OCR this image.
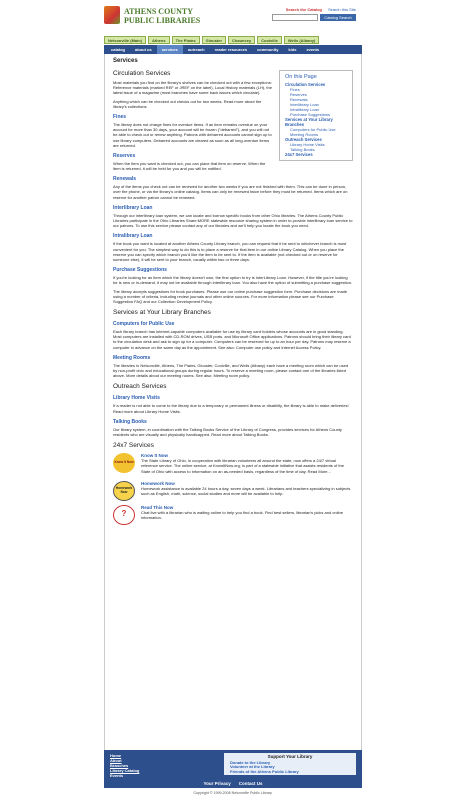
ATHENS COUNTY
PUBLIC LIBRARIES
Search the Catalog Search this Site
Catalog Search
Nelsonville (Main)	Athens	The Plains	Glouster	Chauncey	Coolville	Wells (Albany)
catalog	about us	services	outreach	reader resources	community	kids	events
Services
On this Page
Circulation Services
Fines
Reserves
Renewals
Interlibrary Loan
Intralibrary Loan
Purchase Suggestions
Services at Your Library Branches
Computers for Public Use
Meeting Rooms
Outreach Services
Library Home Visits
Talking Books
24x7 Services
Circulation Services

Most materials you find on the library's shelves can be checked out with a few exceptions: Reference materials (marked REF or JREF on the label), Local History materials (LH), the latest issue of a magazine (most branches have some back issues which circulate).

Anything which can be checked out checks out for two weeks. Read more about the library's collections.

Fines

The library does not charge fines for overdue items. If an item remains overdue on your account for more than 30 days, your account will be frozen ("debarred"), and you will not be able to check out or renew anything. Patrons with debarred accounts cannot sign up to use library computers. Debarred accounts are cleared as soon as all long-overdue items are returned.

Reserves

When the item you want is checked out, you can place that item on reserve. When the item is returned, it will be held for you and you will be notified.

Renewals

Any of the items you check out can be renewed for another two weeks if you are not finished with them. This can be done in person, over the phone, or via the library's online catalog. Items can only be renewed twice before they must be returned. Items which are on reserve for another patron cannot be renewed.

Interlibrary Loan

Through our interlibrary loan system, we can locate and borrow specific books from other Ohio libraries. The Athens County Public Libraries participate in the Ohio Libraries Share:MORE statewide resource sharing system in order to provide interlibrary loan service to our patrons. To use this service please contact any of our libraries and we'll help you locate the book you need.

Intralibrary Loan

If the book you want is located at another Athens County Library branch, you can request that it be sent to whichever branch is most convenient for you. The simplest way to do this is to place a reserve for that item in our online Library Catalog. When you place the reserve you can specify which branch you'd like the item to be sent to. If the item is available (not checked out or on reserve for someone else), it will be sent to your branch, usually within two or three days.

Purchase Suggestions

If you're looking for an item which the library doesn't own, the first option to try is InterLibrary Loan. However, if the title you're looking for is new or in-demand, it may not be available through interlibrary loan. You also have the option of submitting a purchase suggestion.

The library accepts suggestions for book purchases. Please use our online purchase suggestion form. Purchase decisions are made using a number of criteria, including review journals and other online sources. For more information please see our Purchase Suggestion FAQ and our Collection Development Policy.

Services at Your Library Branches
Computers for Public Use

Each library branch has internet-capable computers available for use by library card holders whose accounts are in good standing. Most computers are installed with CD-ROM drives, USB ports, and Microsoft Office applications. Patrons should bring their library card to the circulation desk and ask to sign up for a computer. Computers can be reserved for up to an hour per day. Patrons may reserve a computer in advance on the same day as the appointment. See also: Computer use policy and Internet Access Policy.

Meeting Rooms

The libraries in Nelsonville, Athens, The Plains, Glouster, Coolville, and Wells (Albany) each have a meeting room which can be used by non-profit civic and educational groups during regular hours. To reserve a meeting room, please contact one of the libraries listed above. More details about our meeting rooms. See also: Meeting room policy.

Outreach Services
Library Home Visits

If a reader is not able to come to the library due to a temporary or permanent illness or disability, the library is able to make deliveries! Read more about Library Home Visits.

Talking Books

Our library system, in coordination with the Talking Books Service of the Library of Congress, provides services for Athens County residents who are visually and physically handicapped. Read more about Talking Books.

24x7 Services
Know It Now
Know It Now

The State Library of Ohio, in cooperation with librarian volunteers all around the state, now offers a 24/7 virtual reference service. The online service, at KnowItNow.org, is part of a statewide initiative that assists residents of the State of Ohio with access to information on an as-needed basis, regardless of the time of day. Read More...

Homework Now
Homework Now

Homework assistance is available 24 hours a day, seven days a week. Librarians and teachers specializing in subjects such as English, math, science, social studies and more will be available to help.

?
Read This Now

Chat live with a librarian who is waiting online to help you find a book. Find best sellers, librarian's picks and online information.

Home
About
Branches
Library Catalog
Events
Support Your Library
Donate to the Library
Volunteer at the Library
Friends of the Athens Public Library
Your Privacy Contact Us
Copyright © 1999-2008 Nelsonville Public Library.
